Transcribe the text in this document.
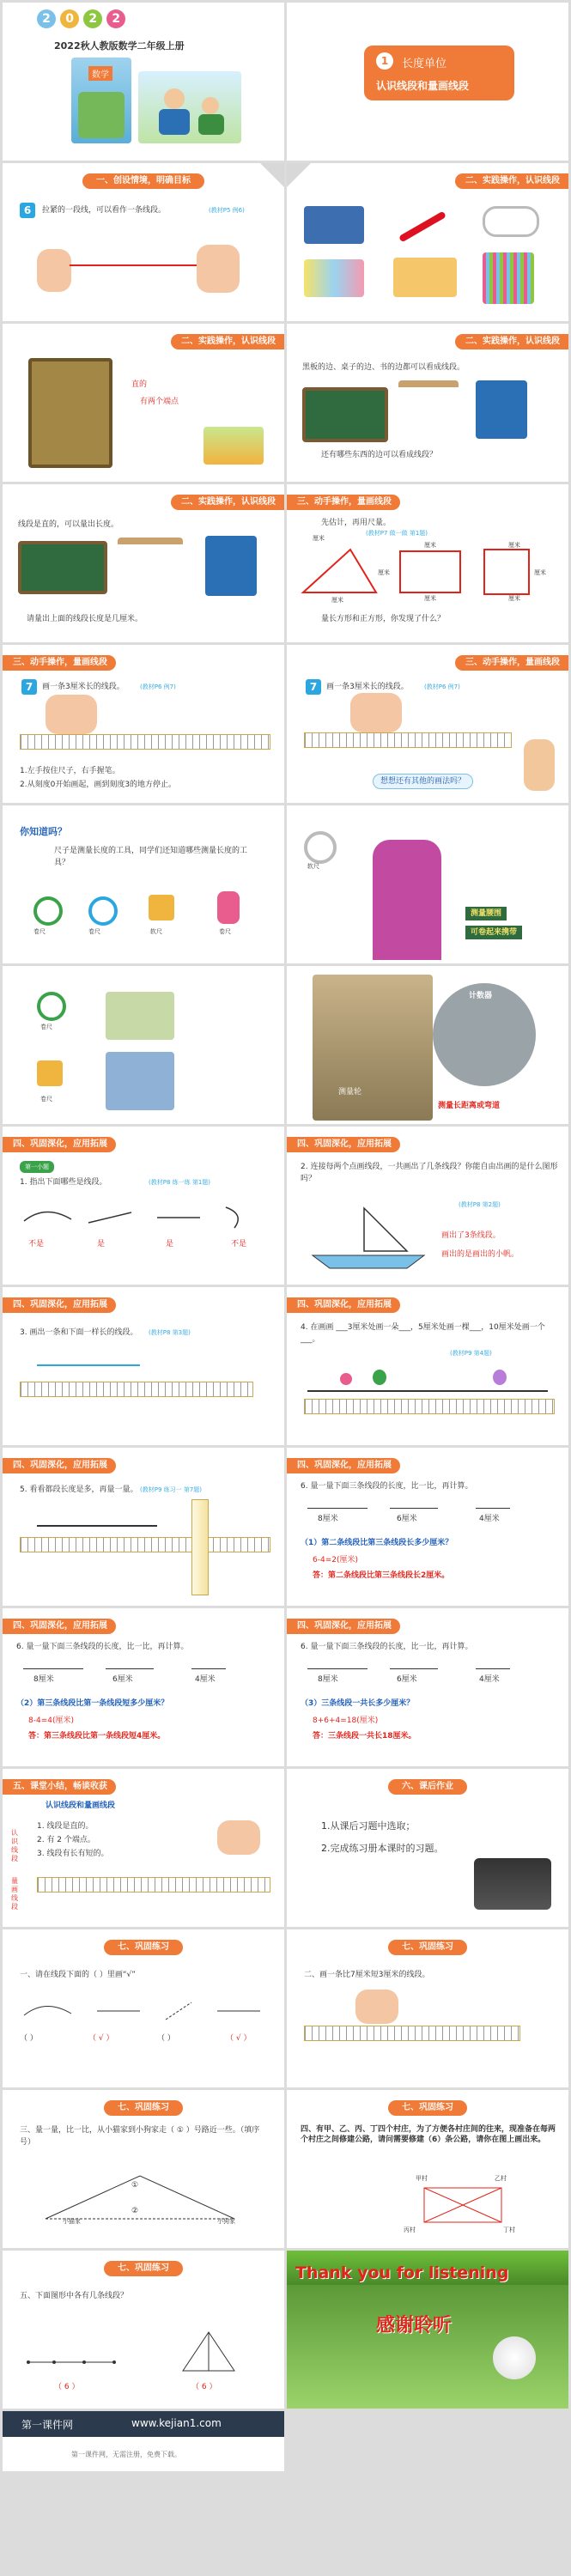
2 0 2 2
2022秋人教版数学二年级上册
数学
1	长度单位
认识线段和量画线段
一、创设情境，明确目标
6	拉紧的一段线，可以看作一条线段。	(教材P5 例6)
二、实践操作，认识线段
二、实践操作，认识线段
直的
有两个端点
二、实践操作，认识线段
黑板的边、桌子的边、书的边都可以看成线段。
还有哪些东西的边可以看成线段？
二、实践操作，认识线段
线段是直的，可以量出长度。
请量出上面的线段长度是几厘米。
三、动手操作，量画线段
先估计，再用尺量。
(教材P7 做一做 第1题)
厘米
厘米
厘米
厘米
厘米
厘米
厘米
厘米
量长方形和正方形，你发现了什么？
三、动手操作，量画线段
7	画一条3厘米长的线段。	(教材P6 例7)
1.左手按住尺子，右手握笔。
2.从刻度0开始画起，画到刻度3的地方停止。
三、动手操作，量画线段
7	画一条3厘米长的线段。	(教材P6 例7)
想想还有其他的画法吗？
你知道吗？
尺子是测量长度的工具，同学们还知道哪些测量长度的工具？
卷尺	卷尺	软尺	卷尺
软尺
测量腰围
可卷起来携带
卷尺
卷尺
计数器
测量轮
测量长距离或弯道
四、巩固深化，应用拓展
第一小题
1. 指出下面哪些是线段。	(教材P8 练一练 第1题)
不是	是	是	不是
四、巩固深化，应用拓展
2. 连接每两个点画线段，一共画出了几条线段？你能自由出画的是什么图形吗？
(教材P8 第2题)
画出了3条线段。
画出的是画出的小帆。
四、巩固深化，应用拓展
3. 画出一条和下面一样长的线段。 (教材P8 第3题)
四、巩固深化，应用拓展
4. 在画画 ___3厘米处画一朵___，5厘米处画一棵___，10厘米处画一个___。
(教材P9 第4题)
四、巩固深化，应用拓展
5. 看看都段长度是多，再量一量。 (教材P9 练习一 第7题)
四、巩固深化，应用拓展
6. 量一量下面三条线段的长度，比一比，再计算。
8厘米	6厘米	4厘米
（1）第二条线段比第三条线段长多少厘米？
6-4=2(厘米)
答：第二条线段比第三条线段长2厘米。
四、巩固深化，应用拓展
6. 量一量下面三条线段的长度，比一比，再计算。
8厘米	6厘米	4厘米
（2）第三条线段比第一条线段短多少厘米？
8-4=4(厘米)
答：第三条线段比第一条线段短4厘米。
四、巩固深化，应用拓展
6. 量一量下面三条线段的长度，比一比，再计算。
8厘米	6厘米	4厘米
（3）三条线段一共长多少厘米？
8+6+4=18(厘米)
答：三条线段一共长18厘米。
五、课堂小结，畅谈收获
认识线段和量画线段
认识线段
量画线段
1. 线段是直的。
2. 有 2 个端点。
3. 线段有长有短的。
六、课后作业
1.从课后习题中选取；
2.完成练习册本课时的习题。
七、巩固练习
一、请在线段下面的（ ）里画“√”
（ ）	（ √ ）	（ ）	（ √ ）
七、巩固练习
二、画一条比7厘米短3厘米的线段。
七、巩固练习
三、量一量，比一比，从小猫家到小狗家走（ ① ）号路近一些。（填序号）
小猫家	小狗家
①
②
七、巩固练习
四、有甲、乙、丙、丁四个村庄，为了方便各村庄间的往来，现准备在每两个村庄之间修建公路，请问需要修建（6）条公路，请你在图上画出来。
甲村	乙村
丙村	丁村
七、巩固练习
五、下面图形中各有几条线段？
（ 6 ）	（ 6 ）
Thank you for listening
感谢聆听
第一课件网	www.kejian1.com
第一课件网，无需注册，免费下载。
